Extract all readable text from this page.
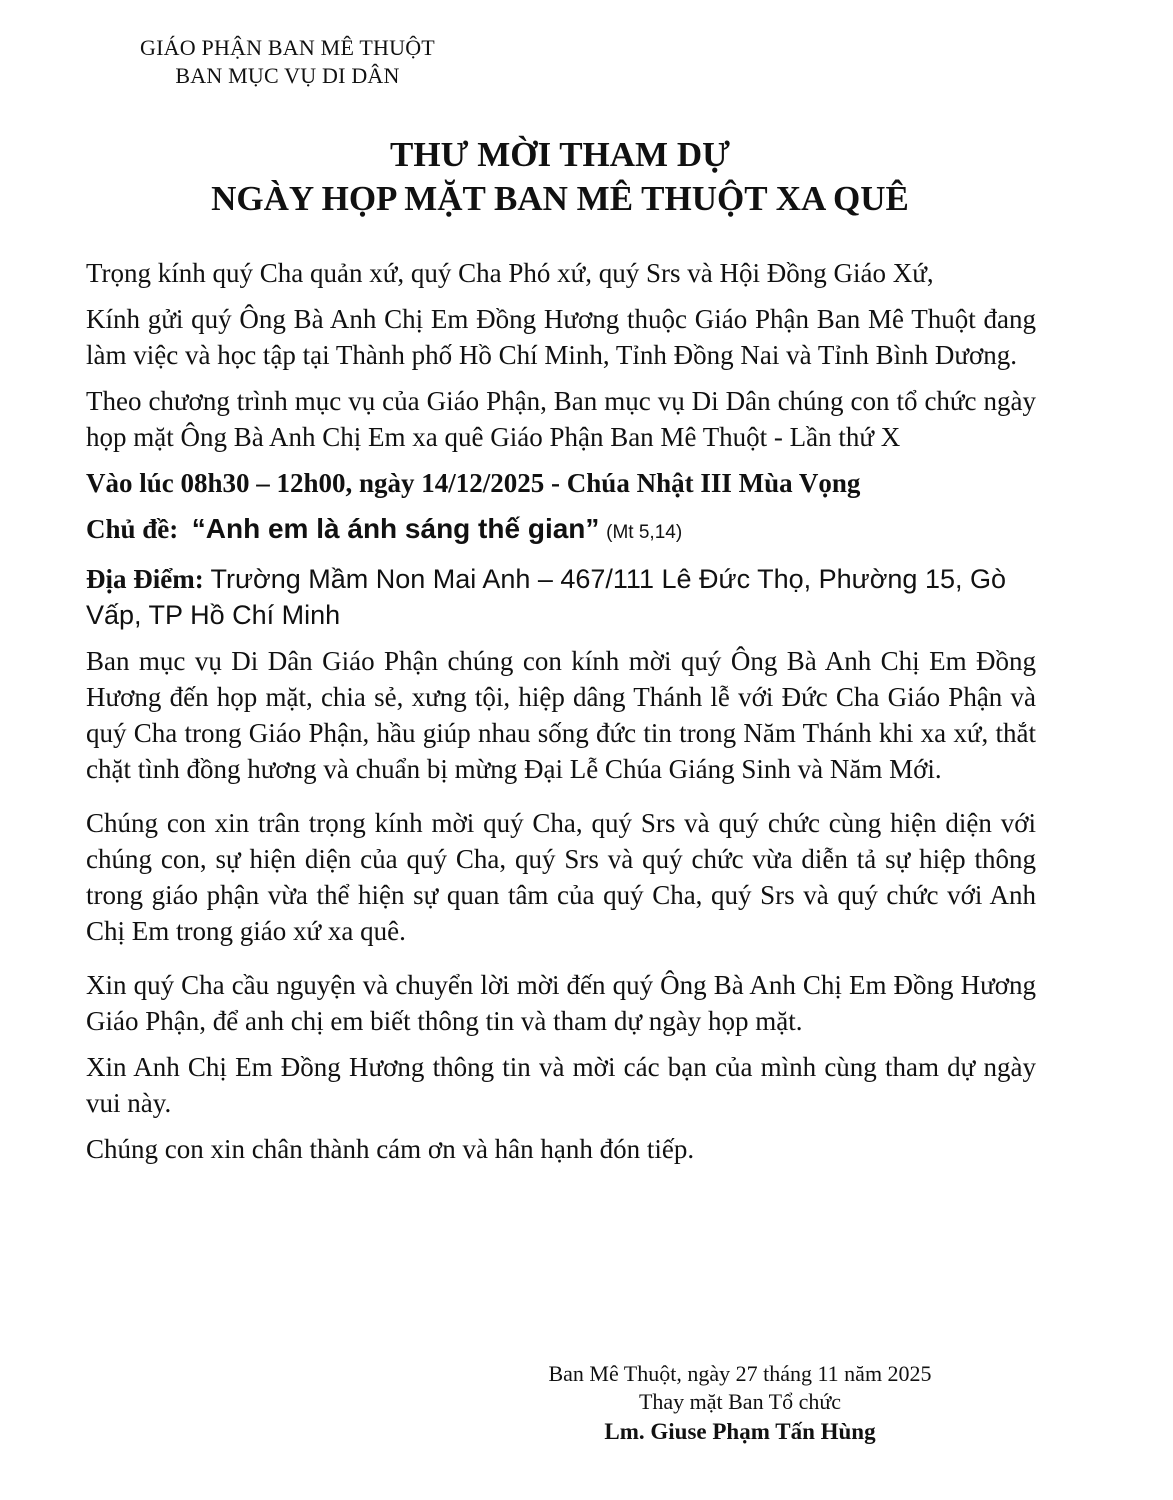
GIÁO PHẬN BAN MÊ THUỘT
BAN MỤC VỤ DI DÂN
THƯ MỜI THAM DỰ
NGÀY HỌP MẶT BAN MÊ THUỘT XA QUÊ

Trọng kính quý Cha quản xứ, quý Cha Phó xứ, quý Srs và Hội Đồng Giáo Xứ,

Kính gửi quý Ông Bà Anh Chị Em Đồng Hương thuộc Giáo Phận Ban Mê Thuột đang làm việc và học tập tại Thành phố Hồ Chí Minh, Tỉnh Đồng Nai và Tỉnh Bình Dương.

Theo chương trình mục vụ của Giáo Phận, Ban mục vụ Di Dân chúng con tổ chức ngày họp mặt Ông Bà Anh Chị Em xa quê Giáo Phận Ban Mê Thuột - Lần thứ X

Vào lúc 08h30 – 12h00, ngày 14/12/2025 - Chúa Nhật III Mùa Vọng

Chủ đề: “Anh em là ánh sáng thế gian” (Mt 5,14)

Địa Điểm: Trường Mầm Non Mai Anh – 467/111 Lê Đức Thọ, Phường 15, Gò Vấp, TP Hồ Chí Minh

Ban mục vụ Di Dân Giáo Phận chúng con kính mời quý Ông Bà Anh Chị Em Đồng Hương đến họp mặt, chia sẻ, xưng tội, hiệp dâng Thánh lễ với Đức Cha Giáo Phận và quý Cha trong Giáo Phận, hầu giúp nhau sống đức tin trong Năm Thánh khi xa xứ, thắt chặt tình đồng hương và chuẩn bị mừng Đại Lễ Chúa Giáng Sinh và Năm Mới.

Chúng con xin trân trọng kính mời quý Cha, quý Srs và quý chức cùng hiện diện với chúng con, sự hiện diện của quý Cha, quý Srs và quý chức vừa diễn tả sự hiệp thông trong giáo phận vừa thể hiện sự quan tâm của quý Cha, quý Srs và quý chức với Anh Chị Em trong giáo xứ xa quê.

Xin quý Cha cầu nguyện và chuyển lời mời đến quý Ông Bà Anh Chị Em Đồng Hương Giáo Phận, để anh chị em biết thông tin và tham dự ngày họp mặt.

Xin Anh Chị Em Đồng Hương thông tin và mời các bạn của mình cùng tham dự ngày vui này.

Chúng con xin chân thành cám ơn và hân hạnh đón tiếp.

Ban Mê Thuột, ngày 27 tháng 11 năm 2025
Thay mặt Ban Tổ chức
Lm. Giuse Phạm Tấn Hùng
